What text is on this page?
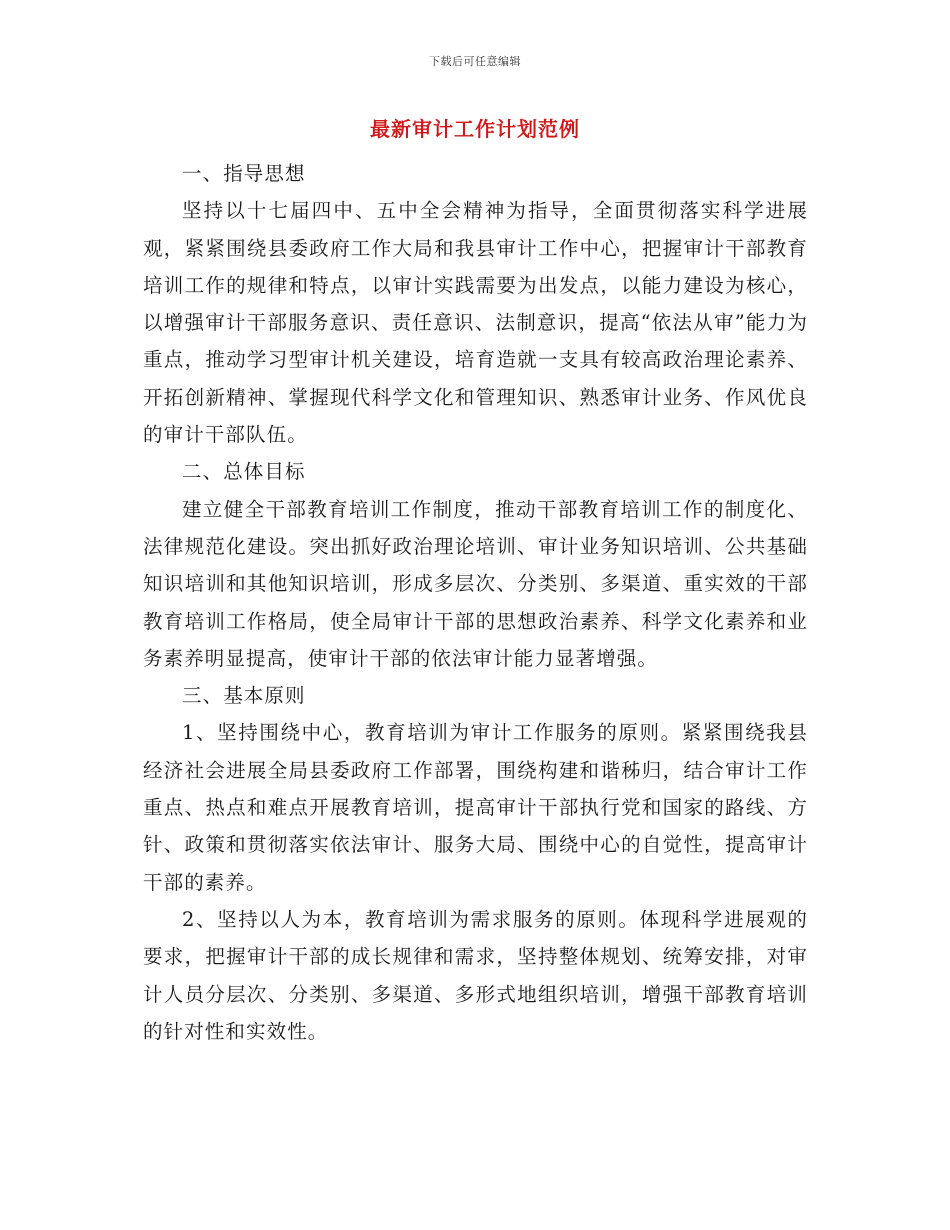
下载后可任意编辑
最新审计工作计划范例

一、指导思想

坚持以十七届四中、五中全会精神为指导，全面贯彻落实科学进展观，紧紧围绕县委政府工作大局和我县审计工作中心，把握审计干部教育培训工作的规律和特点，以审计实践需要为出发点，以能力建设为核心，以增强审计干部服务意识、责任意识、法制意识，提高“依法从审”能力为重点，推动学习型审计机关建设，培育造就一支具有较高政治理论素养、开拓创新精神、掌握现代科学文化和管理知识、熟悉审计业务、作风优良的审计干部队伍。

二、总体目标

建立健全干部教育培训工作制度，推动干部教育培训工作的制度化、法律规范化建设。突出抓好政治理论培训、审计业务知识培训、公共基础知识培训和其他知识培训，形成多层次、分类别、多渠道、重实效的干部教育培训工作格局，使全局审计干部的思想政治素养、科学文化素养和业务素养明显提高，使审计干部的依法审计能力显著增强。

三、基本原则

1、坚持围绕中心，教育培训为审计工作服务的原则。紧紧围绕我县经济社会进展全局县委政府工作部署，围绕构建和谐秭归，结合审计工作重点、热点和难点开展教育培训，提高审计干部执行党和国家的路线、方针、政策和贯彻落实依法审计、服务大局、围绕中心的自觉性，提高审计干部的素养。

2、坚持以人为本，教育培训为需求服务的原则。体现科学进展观的要求，把握审计干部的成长规律和需求，坚持整体规划、统筹安排，对审计人员分层次、分类别、多渠道、多形式地组织培训，增强干部教育培训的针对性和实效性。
